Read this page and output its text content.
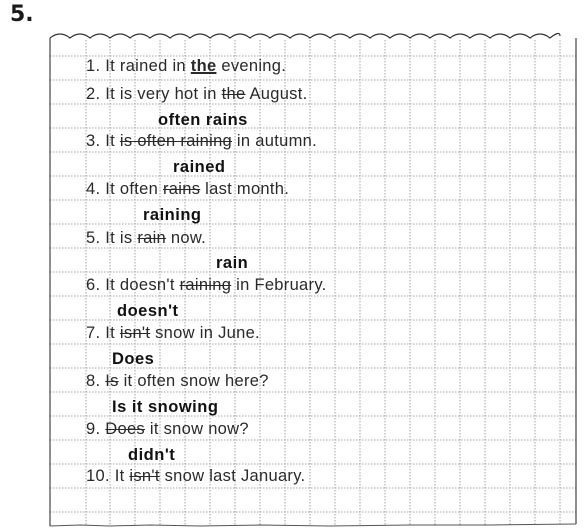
5.
1. It rained in the evening.
2. It is very hot in the August.
often rains
3. It is often raining in autumn.
rained
4. It often rains last month.
raining
5. It is rain now.
rain
6. It doesn't raining in February.
doesn't
7. It isn't snow in June.
Does
8. Is it often snow here?
Is it snowing
9. Does it snow now?
didn't
10. It isn't snow last January.
